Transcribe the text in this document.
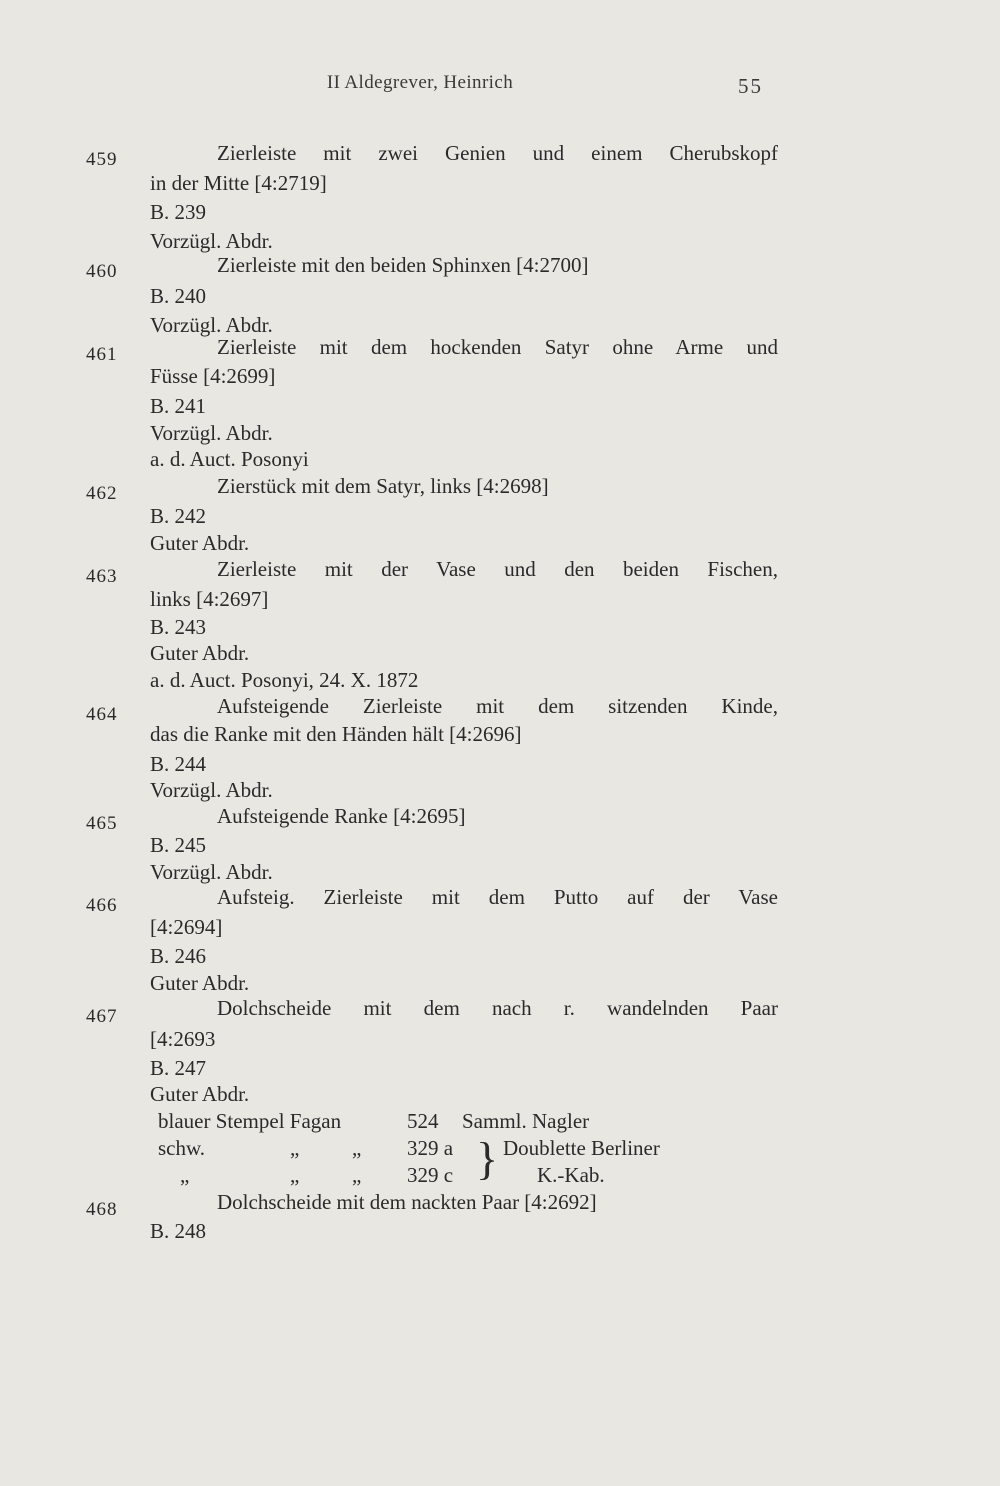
II Aldegrever, Heinrich	55
459	Zierleiste mit zwei Genien und einem Cherubskopf
in der Mitte [4:2719]
B. 239
Vorzügl. Abdr.
460	Zierleiste mit den beiden Sphinxen [4:2700]
B. 240
Vorzügl. Abdr.
461	Zierleiste mit dem hockenden Satyr ohne Arme und
Füsse [4:2699]
B. 241
Vorzügl. Abdr.
a. d. Auct. Posonyi
462	Zierstück mit dem Satyr, links [4:2698]
B. 242
Guter Abdr.
463	Zierleiste mit der Vase und den beiden Fischen,
links [4:2697]
B. 243
Guter Abdr.
a. d. Auct. Posonyi, 24. X. 1872
464	Aufsteigende Zierleiste mit dem sitzenden Kinde,
das die Ranke mit den Händen hält [4:2696]
B. 244
Vorzügl. Abdr.
465	Aufsteigende Ranke [4:2695]
B. 245
Vorzügl. Abdr.
466	Aufsteig. Zierleiste mit dem Putto auf der Vase
[4:2694]
B. 246
Guter Abdr.
467	Dolchscheide mit dem nach r. wandelnden Paar
[4:2693
B. 247
Guter Abdr.
blauer Stempel Fagan	524 Samml. Nagler
schw.	„	„ 329 a Doublette Berliner
„	„	„ 329 c	K.-Kab.
}
468	Dolchscheide mit dem nackten Paar [4:2692]
B. 248
